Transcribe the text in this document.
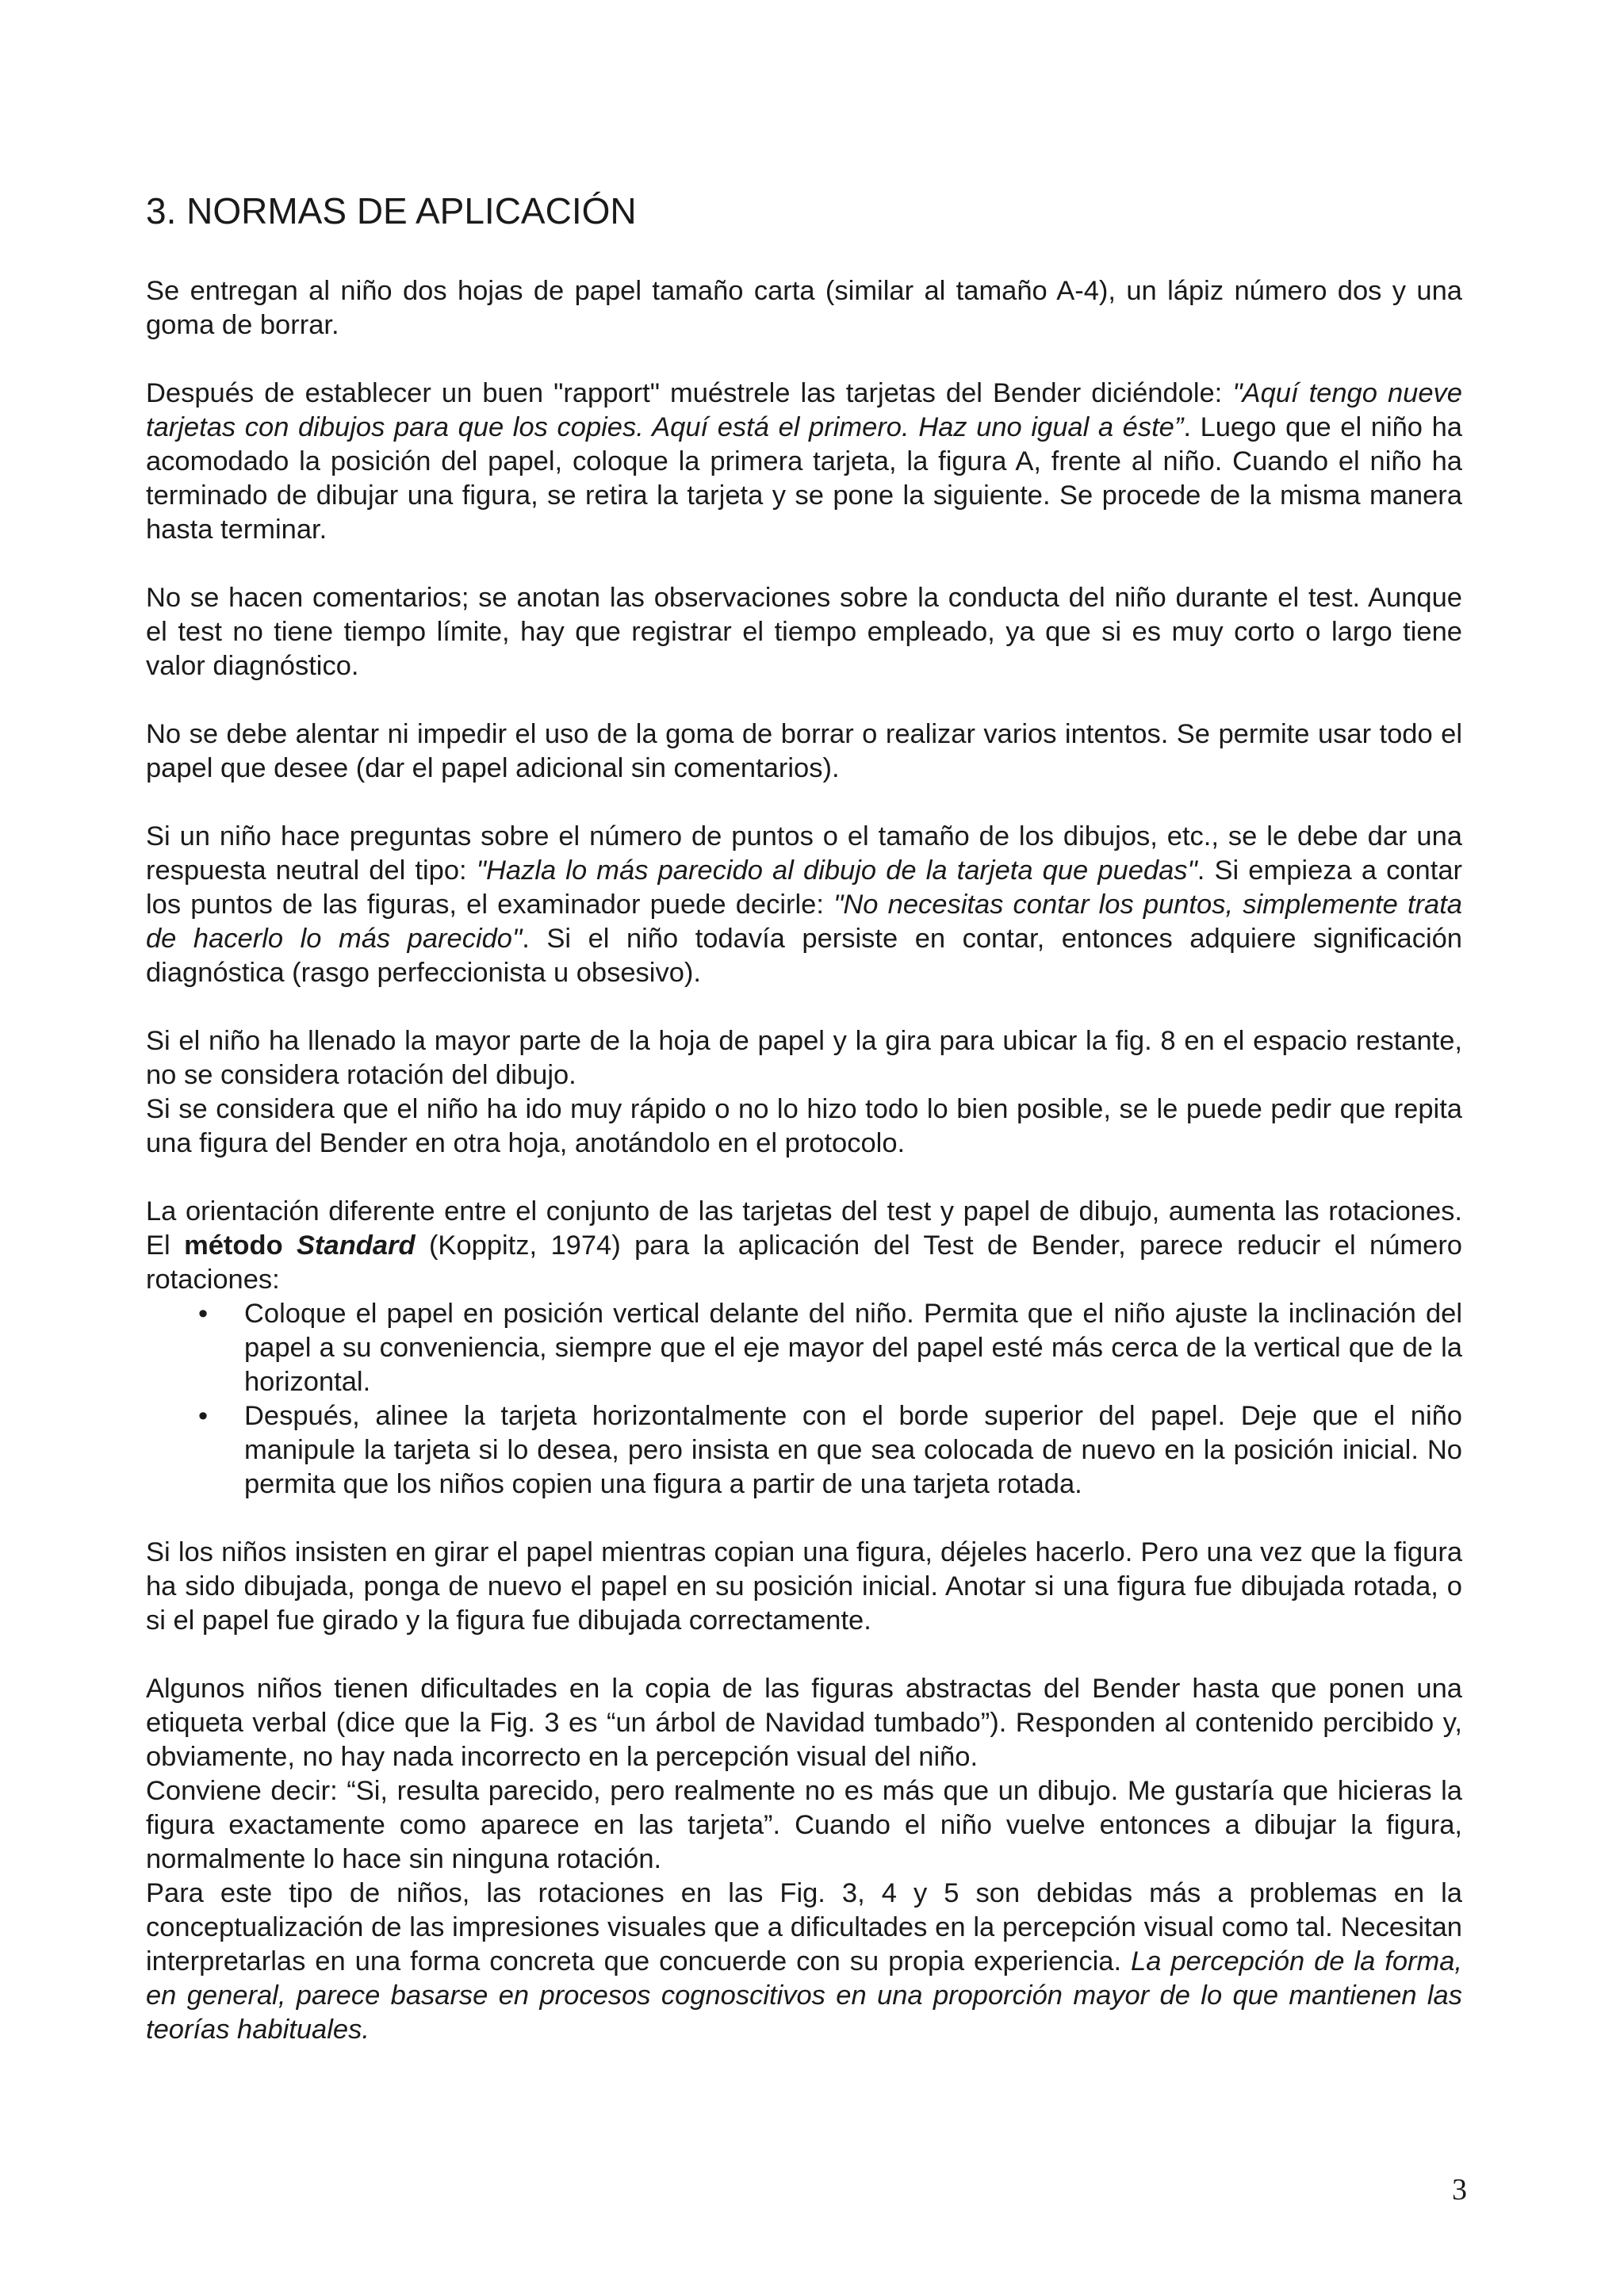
3. NORMAS DE APLICACIÓN

Se entregan al niño dos hojas de papel tamaño carta (similar al tamaño A-4), un lápiz número dos y una goma de borrar.

Después de establecer un buen "rapport" muéstrele las tarjetas del Bender diciéndole: "Aquí tengo nueve tarjetas con dibujos para que los copies. Aquí está el primero. Haz uno igual a éste”. Luego que el niño ha acomodado la posición del papel, coloque la primera tarjeta, la figura A, frente al niño. Cuando el niño ha terminado de dibujar una figura, se retira la tarjeta y se pone la siguiente. Se procede de la misma manera hasta terminar.

No se hacen comentarios; se anotan las observaciones sobre la conducta del niño durante el test. Aunque el test no tiene tiempo límite, hay que registrar el tiempo empleado, ya que si es muy corto o largo tiene valor diagnóstico.

No se debe alentar ni impedir el uso de la goma de borrar o realizar varios intentos. Se permite usar todo el papel que desee (dar el papel adicional sin comentarios).

Si un niño hace preguntas sobre el número de puntos o el tamaño de los dibujos, etc., se le debe dar una respuesta neutral del tipo: "Hazla lo más parecido al dibujo de la tarjeta que puedas". Si empieza a contar los puntos de las figuras, el examinador puede decirle: "No necesitas contar los puntos, simplemente trata de hacerlo lo más parecido". Si el niño todavía persiste en contar, entonces adquiere significación diagnóstica (rasgo perfeccionista u obsesivo).

Si el niño ha llenado la mayor parte de la hoja de papel y la gira para ubicar la fig. 8 en el espacio restante, no se considera rotación del dibujo.

Si se considera que el niño ha ido muy rápido o no lo hizo todo lo bien posible, se le puede pedir que repita una figura del Bender en otra hoja, anotándolo en el protocolo.

La orientación diferente entre el conjunto de las tarjetas del test y papel de dibujo, aumenta las rotaciones. El método Standard (Koppitz, 1974) para la aplicación del Test de Bender, parece reducir el número rotaciones:

• Coloque el papel en posición vertical delante del niño. Permita que el niño ajuste la inclinación del papel a su conveniencia, siempre que el eje mayor del papel esté más cerca de la vertical que de la horizontal.
• Después, alinee la tarjeta horizontalmente con el borde superior del papel. Deje que el niño manipule la tarjeta si lo desea, pero insista en que sea colocada de nuevo en la posición inicial. No permita que los niños copien una figura a partir de una tarjeta rotada.

Si los niños insisten en girar el papel mientras copian una figura, déjeles hacerlo. Pero una vez que la figura ha sido dibujada, ponga de nuevo el papel en su posición inicial. Anotar si una figura fue dibujada rotada, o si el papel fue girado y la figura fue dibujada correctamente.

Algunos niños tienen dificultades en la copia de las figuras abstractas del Bender hasta que ponen una etiqueta verbal (dice que la Fig. 3 es “un árbol de Navidad tumbado”). Responden al contenido percibido y, obviamente, no hay nada incorrecto en la percepción visual del niño.

Conviene decir: “Si, resulta parecido, pero realmente no es más que un dibujo. Me gustaría que hicieras la figura exactamente como aparece en las tarjeta”. Cuando el niño vuelve entonces a dibujar la figura, normalmente lo hace sin ninguna rotación.

Para este tipo de niños, las rotaciones en las Fig. 3, 4 y 5 son debidas más a problemas en la conceptualización de las impresiones visuales que a dificultades en la percepción visual como tal. Necesitan interpretarlas en una forma concreta que concuerde con su propia experiencia. La percepción de la forma, en general, parece basarse en procesos cognoscitivos en una proporción mayor de lo que mantienen las teorías habituales.

3
